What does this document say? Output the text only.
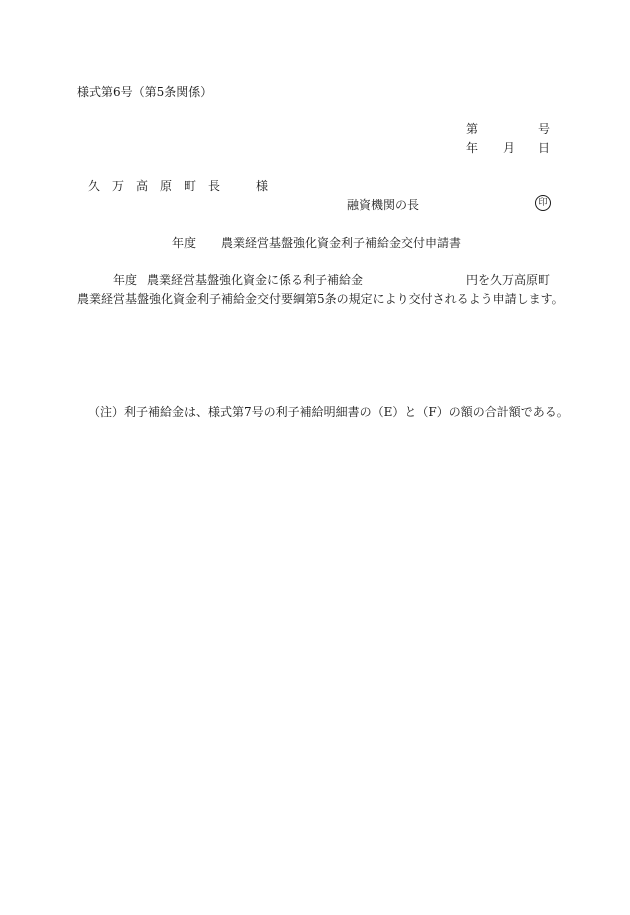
様式第6号（第5条関係）
第	号
年 月 日
久　万　高　原　町　長　　　様
融資機関の長	印
年度 農業経営基盤強化資金利子補給金交付申請書
年度 農業経営基盤強化資金に係る利子補給金	円を久万高原町
農業経営基盤強化資金利子補給金交付要綱第5条の規定により交付されるよう申請します。
（注）利子補給金は、様式第7号の利子補給明細書の（E）と（F）の額の合計額である。
